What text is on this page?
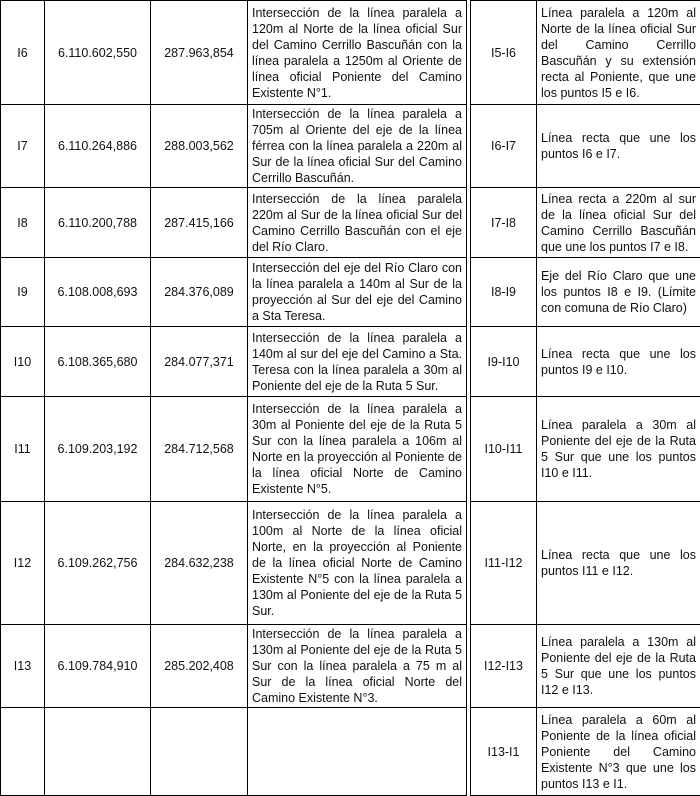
I6	6.110.602,550	287.963,854	Intersección de la línea paralela a 120m al Norte de la línea oficial Sur del Camino Cerrillo Bascuñán con la línea paralela a 1250m al Oriente de línea oficial Poniente del Camino Existente N°1.		I5-I6	Línea paralela a 120m al Norte de la línea oficial Sur del Camino Cerrillo Bascuñán y su extensión recta al Poniente, que une los puntos I5 e I6.
I7	6.110.264,886	288.003,562	Intersección de la línea paralela a 705m al Oriente del eje de la línea férrea con la línea paralela a 220m al Sur de la línea oficial Sur del Camino Cerrillo Bascuñán.		I6-I7	Línea recta que une los puntos I6 e I7.
I8	6.110.200,788	287.415,166	Intersección de la línea paralela 220m al Sur de la línea oficial Sur del Camino Cerrillo Bascuñán con el eje del Río Claro.		I7-I8	Línea recta a 220m al sur de la línea oficial Sur del Camino Cerrillo Bascuñán que une los puntos I7 e I8.
I9	6.108.008,693	284.376,089	Intersección del eje del Río Claro con la línea paralela a 140m al Sur de la proyección al Sur del eje del Camino a Sta Teresa.		I8-I9	Eje del Río Claro que une los puntos I8 e I9. (Límite con comuna de Río Claro)
I10	6.108.365,680	284.077,371	Intersección de la línea paralela a 140m al sur del eje del Camino a Sta. Teresa con la línea paralela a 30m al Poniente del eje de la Ruta 5 Sur.		I9-I10	Línea recta que une los puntos I9 e I10.
I11	6.109.203,192	284.712,568	Intersección de la línea paralela a 30m al Poniente del eje de la Ruta 5 Sur con la línea paralela a 106m al Norte en la proyección al Poniente de la línea oficial Norte de Camino Existente N°5.		I10-I11	Línea paralela a 30m al Poniente del eje de la Ruta 5 Sur que une los puntos I10 e I11.
I12	6.109.262,756	284.632,238	Intersección de la línea paralela a 100m al Norte de la línea oficial Norte, en la proyección al Poniente de la línea oficial Norte de Camino Existente N°5 con la línea paralela a 130m al Poniente del eje de la Ruta 5 Sur.		I11-I12	Línea recta que une los puntos I11 e I12.
I13	6.109.784,910	285.202,408	Intersección de la línea paralela a 130m al Poniente del eje de la Ruta 5 Sur con la línea paralela a 75 m al Sur de la línea oficial Norte del Camino Existente N°3.		I12-I13	Línea paralela a 130m al Poniente del eje de la Ruta 5 Sur que une los puntos I12 e I13.
					I13-I1	Línea paralela a 60m al Poniente de la línea oficial Poniente del Camino Existente N°3 que une los puntos I13 e I1.
